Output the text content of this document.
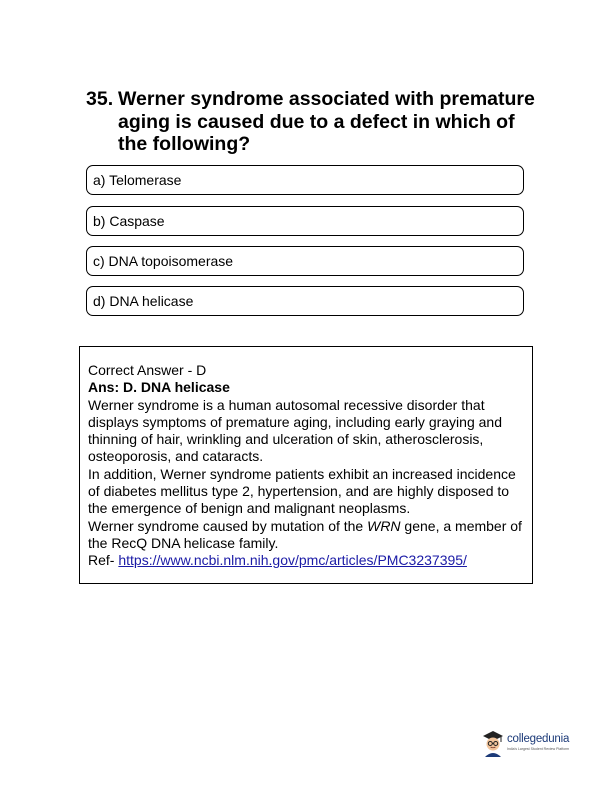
35. Werner syndrome associated with premature aging is caused due to a defect in which of the following?
a) Telomerase
b) Caspase
c) DNA topoisomerase
d) DNA helicase

Correct Answer - D

Ans: D. DNA helicase

Werner syndrome is a human autosomal recessive disorder that displays symptoms of premature aging, including early graying and thinning of hair, wrinkling and ulceration of skin, atherosclerosis, osteoporosis, and cataracts.

In addition, Werner syndrome patients exhibit an increased incidence of diabetes mellitus type 2, hypertension, and are highly disposed to the emergence of benign and malignant neoplasms.

Werner syndrome caused by mutation of the WRN gene, a member of the RecQ DNA helicase family.

Ref- https://www.ncbi.nlm.nih.gov/pmc/articles/PMC3237395/

collegedunia
India's Largest Student Review Platform
